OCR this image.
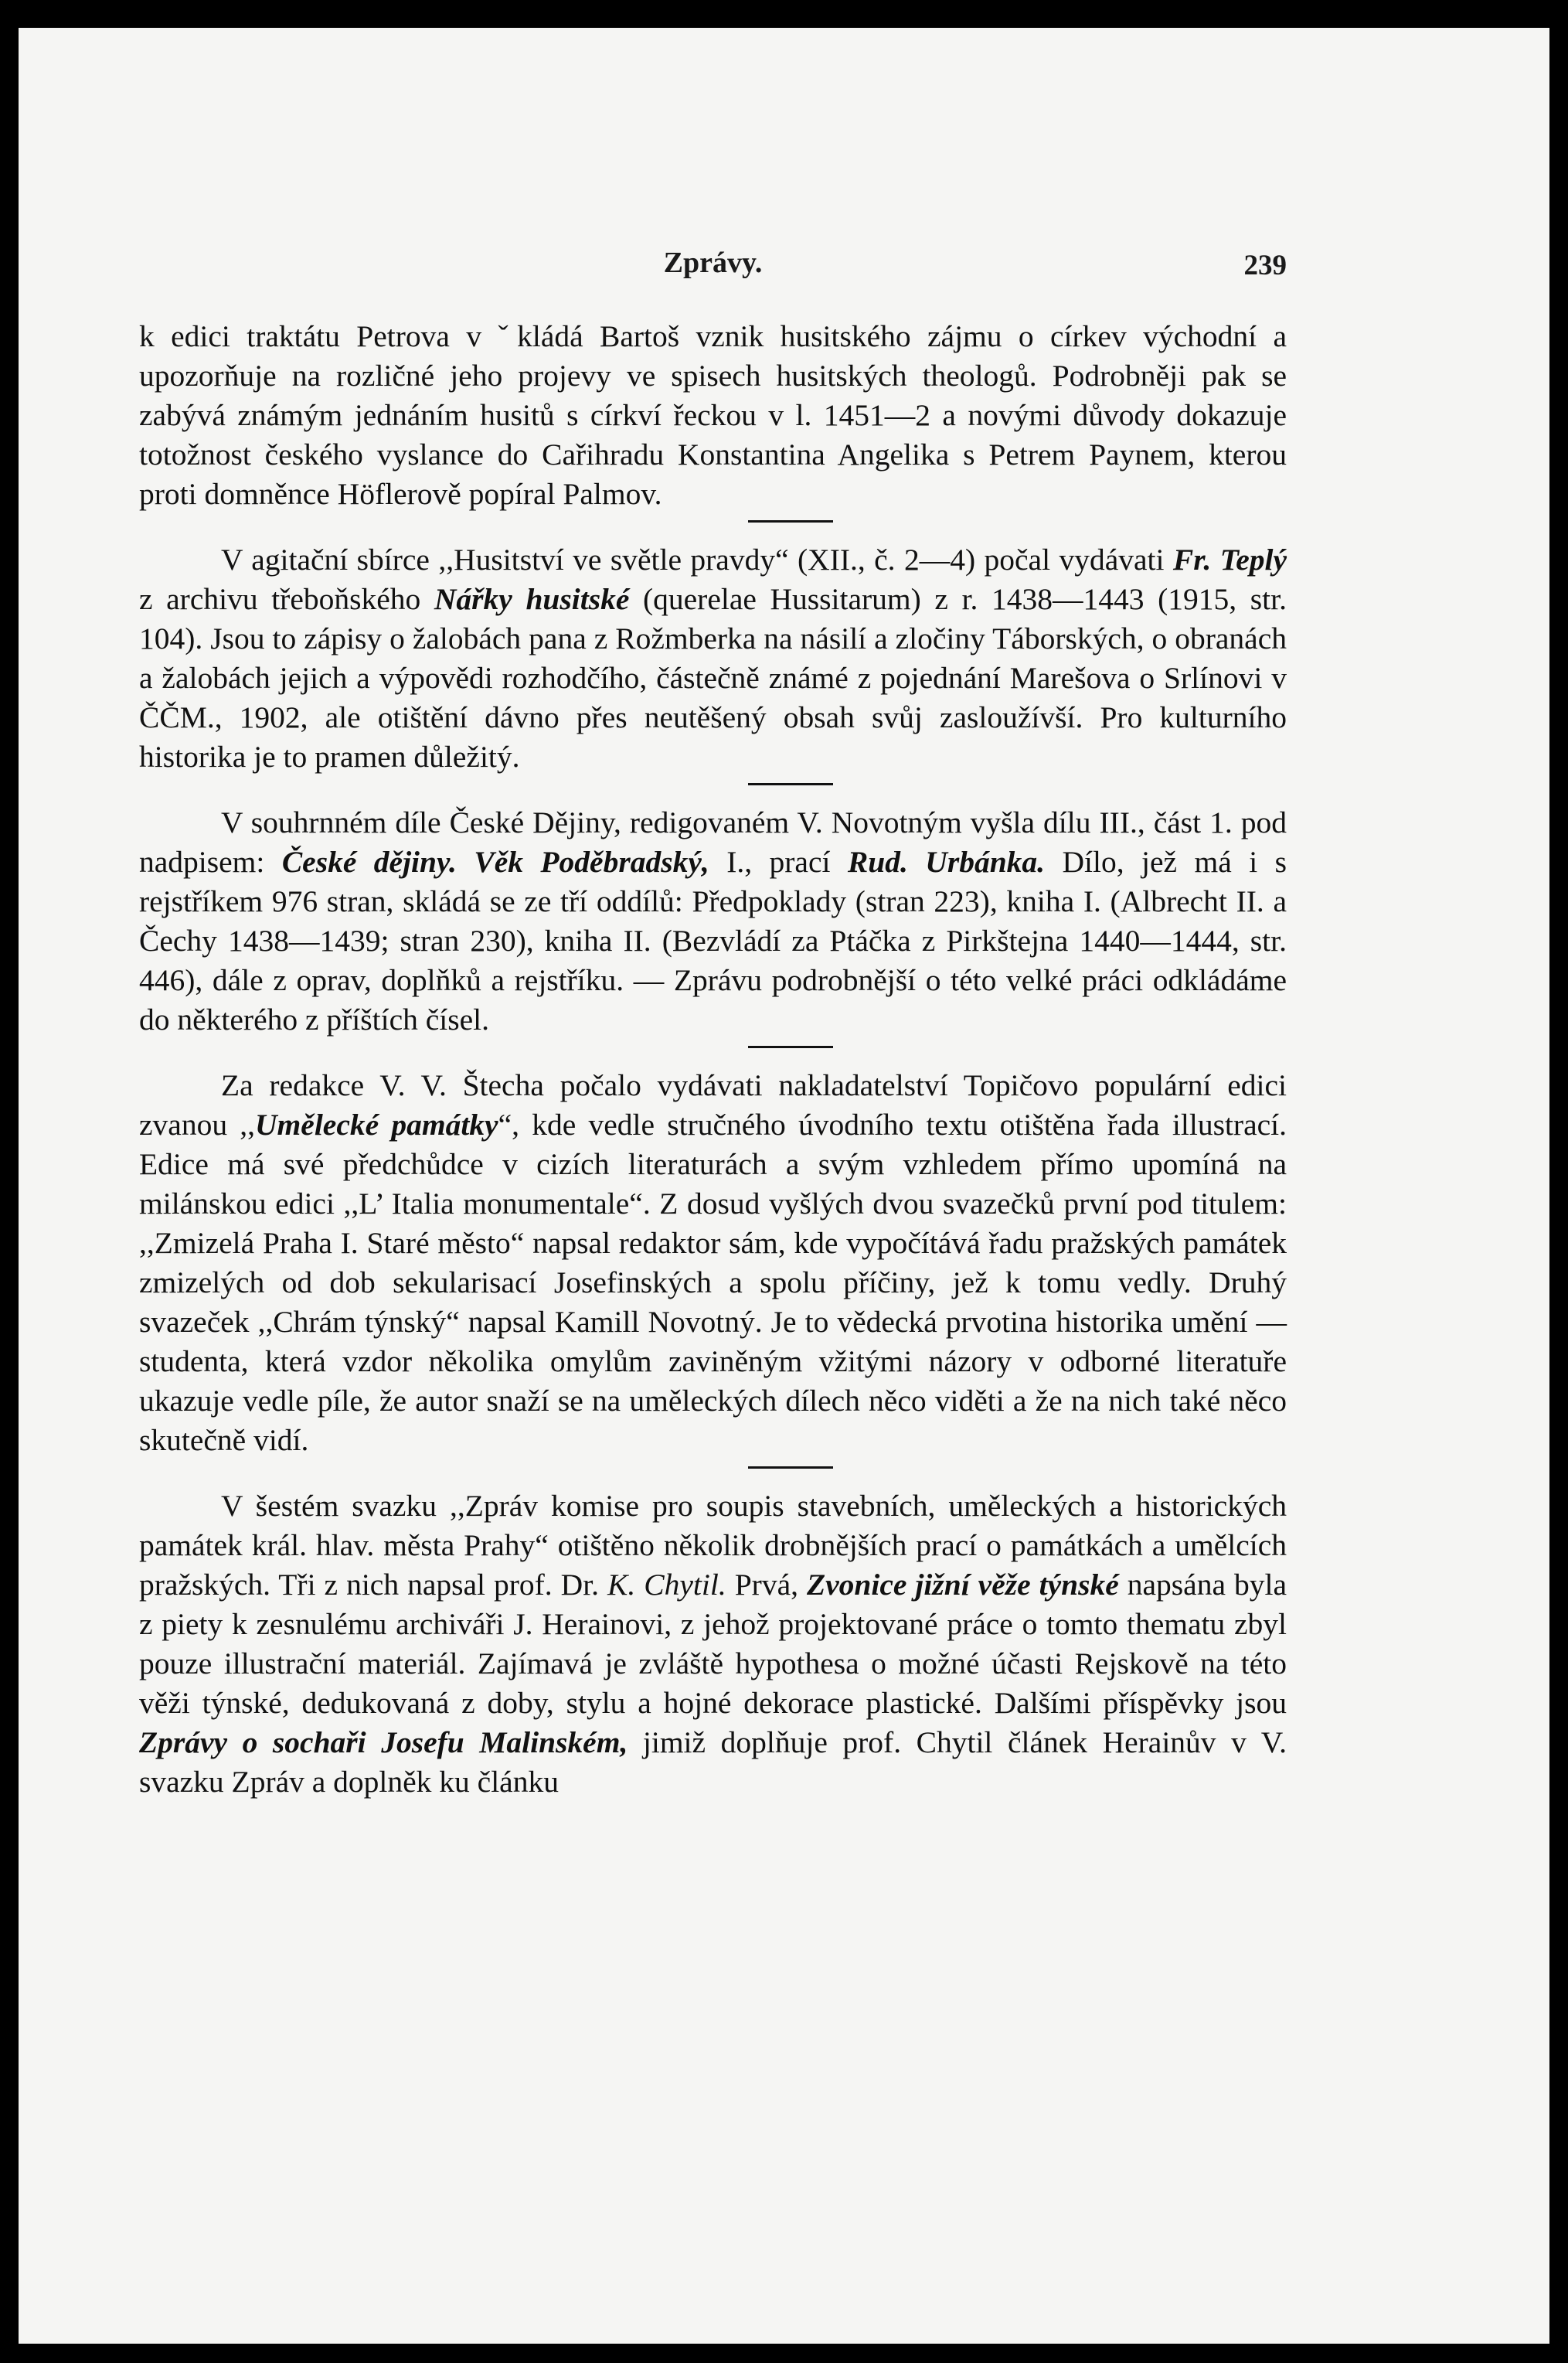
Zprávy.	239

k edici traktátu Petrova v ˇkládá Bartoš vznik husitského zájmu o církev východní a upozorňuje na rozličné jeho projevy ve spisech husitských theologů. Podrobněji pak se zabývá známým jednáním husitů s církví řeckou v l. 1451—2 a novými důvody dokazuje totožnost českého vyslance do Cařihradu Konstantina Angelika s Petrem Paynem, kterou proti domněnce Höflerově popíral Palmov.

V agitační sbírce ,,Husitství ve světle pravdy“ (XII., č. 2—4) počal vydávati Fr. Teplý z archivu třeboňského Nářky husitské (querelae Hussitarum) z r. 1438—1443 (1915, str. 104). Jsou to zápisy o žalobách pana z Rožmberka na násilí a zločiny Táborských, o obranách a žalobách jejich a výpovědi rozhodčího, částečně známé z pojednání Marešova o Srlínovi v ČČM., 1902, ale otištění dávno přes neutěšený obsah svůj zasloužívší. Pro kulturního historika je to pramen důležitý.

V souhrnném díle České Dějiny, redigovaném V. Novotným vyšla dílu III., část 1. pod nadpisem: České dějiny. Věk Poděbradský, I., prací Rud. Urbánka. Dílo, jež má i s rejstříkem 976 stran, skládá se ze tří oddílů: Předpoklady (stran 223), kniha I. (Albrecht II. a Čechy 1438—1439; stran 230), kniha II. (Bezvládí za Ptáčka z Pirkštejna 1440—1444, str. 446), dále z oprav, doplňků a rejstříku. — Zprávu podrobnější o této velké práci odkládáme do některého z příštích čísel.

Za redakce V. V. Štecha počalo vydávati nakladatelství Topičovo populární edici zvanou ,,Umělecké památky“, kde vedle stručného úvodního textu otištěna řada illustrací. Edice má své předchůdce v cizích literaturách a svým vzhledem přímo upomíná na milánskou edici ,,L’ Italia monumentale“. Z dosud vyšlých dvou svazečků první pod titulem: ,,Zmizelá Praha I. Staré město“ napsal redaktor sám, kde vypočítává řadu pražských památek zmizelých od dob sekularisací Josefinských a spolu příčiny, jež k tomu vedly. Druhý svazeček ,,Chrám týnský“ napsal Kamill Novotný. Je to vědecká prvotina historika umění — studenta, která vzdor několika omylům zaviněným vžitými názory v odborné literatuře ukazuje vedle píle, že autor snaží se na uměleckých dílech něco viděti a že na nich také něco skutečně vidí.

V šestém svazku ,,Zpráv komise pro soupis stavebních, uměleckých a historických památek král. hlav. města Prahy“ otištěno několik drobnějších prací o památkách a umělcích pražských. Tři z nich napsal prof. Dr. K. Chytil. Prvá, Zvonice jižní věže týnské napsána byla z piety k zesnulému archiváři J. Herainovi, z jehož projektované práce o tomto thematu zbyl pouze illustrační materiál. Zajímavá je zvláště hypothesa o možné účasti Rejskově na této věži týnské, dedukovaná z doby, stylu a hojné dekorace plastické. Dalšími příspěvky jsou Zprávy o sochaři Josefu Malinském, jimiž doplňuje prof. Chytil článek Herainův v V. svazku Zpráv a doplněk ku článku
